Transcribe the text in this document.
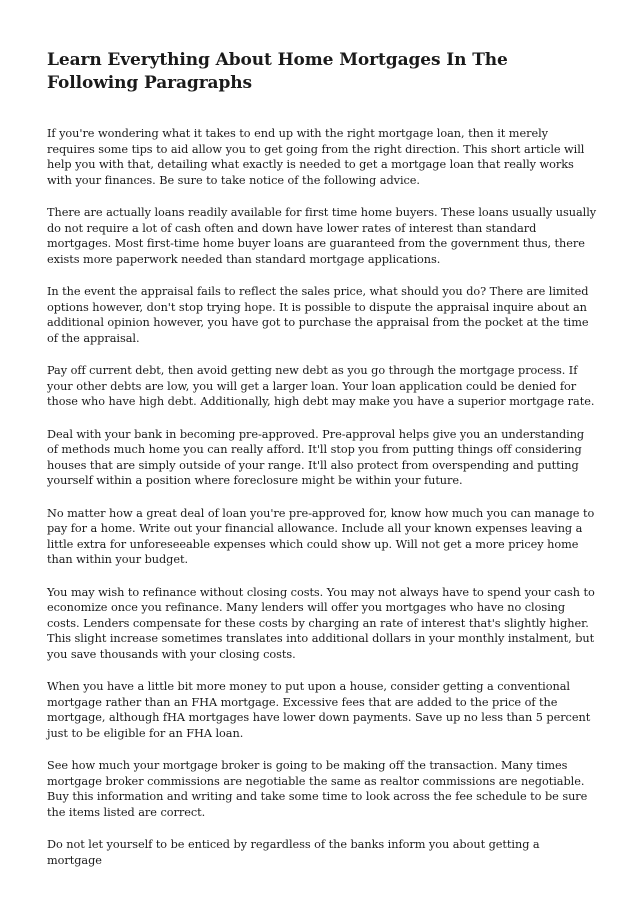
Learn Everything About Home Mortgages In The Following Paragraphs

If you're wondering what it takes to end up with the right mortgage loan, then it merely requires some tips to aid allow you to get going from the right direction. This short article will help you with that, detailing what exactly is needed to get a mortgage loan that really works with your finances. Be sure to take notice of the following advice.

There are actually loans readily available for first time home buyers. These loans usually usually do not require a lot of cash often and down have lower rates of interest than standard mortgages. Most first-time home buyer loans are guaranteed from the government thus, there exists more paperwork needed than standard mortgage applications.

In the event the appraisal fails to reflect the sales price, what should you do? There are limited options however, don't stop trying hope. It is possible to dispute the appraisal inquire about an additional opinion however, you have got to purchase the appraisal from the pocket at the time of the appraisal.

Pay off current debt, then avoid getting new debt as you go through the mortgage process. If your other debts are low, you will get a larger loan. Your loan application could be denied for those who have high debt. Additionally, high debt may make you have a superior mortgage rate.

Deal with your bank in becoming pre-approved. Pre-approval helps give you an understanding of methods much home you can really afford. It'll stop you from putting things off considering houses that are simply outside of your range. It'll also protect from overspending and putting yourself within a position where foreclosure might be within your future.

No matter how a great deal of loan you're pre-approved for, know how much you can manage to pay for a home. Write out your financial allowance. Include all your known expenses leaving a little extra for unforeseeable expenses which could show up. Will not get a more pricey home than within your budget.

You may wish to refinance without closing costs. You may not always have to spend your cash to economize once you refinance. Many lenders will offer you mortgages who have no closing costs. Lenders compensate for these costs by charging an rate of interest that's slightly higher. This slight increase sometimes translates into additional dollars in your monthly instalment, but you save thousands with your closing costs.

When you have a little bit more money to put upon a house, consider getting a conventional mortgage rather than an FHA mortgage. Excessive fees that are added to the price of the mortgage, although fHA mortgages have lower down payments. Save up no less than 5 percent just to be eligible for an FHA loan.

See how much your mortgage broker is going to be making off the transaction. Many times mortgage broker commissions are negotiable the same as realtor commissions are negotiable. Buy this information and writing and take some time to look across the fee schedule to be sure the items listed are correct.

Do not let yourself to be enticed by regardless of the banks inform you about getting a mortgage
